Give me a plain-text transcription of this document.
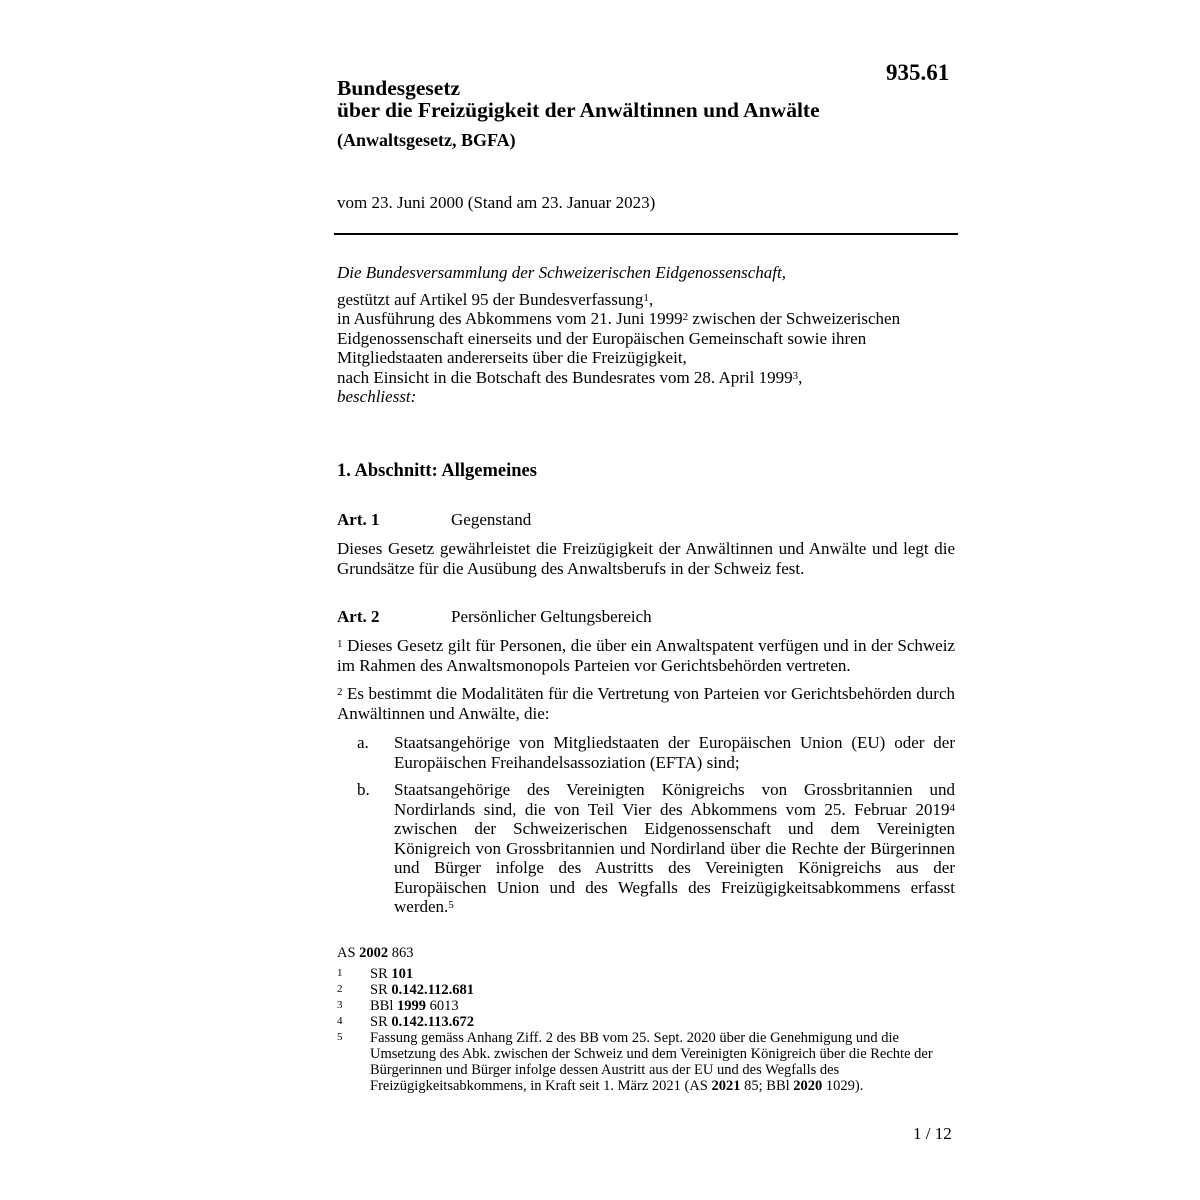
935.61
Bundesgesetz
über die Freizügigkeit der Anwältinnen und Anwälte
(Anwaltsgesetz, BGFA)
vom 23. Juni 2000 (Stand am 23. Januar 2023)
Die Bundesversammlung der Schweizerischen Eidgenossenschaft,
gestützt auf Artikel 95 der Bundesverfassung$^1$,
in Ausführung des Abkommens vom 21. Juni 1999$^2$ zwischen der Schweizerischen Eidgenossenschaft einerseits und der Europäischen Gemeinschaft sowie ihren Mitgliedstaaten andererseits über die Freizügigkeit,
nach Einsicht in die Botschaft des Bundesrates vom 28. April 1999$^3$,
beschliesst:
1. Abschnitt: Allgemeines
Art. 1	Gegenstand
Dieses Gesetz gewährleistet die Freizügigkeit der Anwältinnen und Anwälte und legt die Grundsätze für die Ausübung des Anwaltsberufs in der Schweiz fest.
Art. 2	Persönlicher Geltungsbereich
$^1$ Dieses Gesetz gilt für Personen, die über ein Anwaltspatent verfügen und in der Schweiz im Rahmen des Anwaltsmonopols Parteien vor Gerichtsbehörden vertreten.
$^2$ Es bestimmt die Modalitäten für die Vertretung von Parteien vor Gerichtsbehörden durch Anwältinnen und Anwälte, die:
a.	Staatsangehörige von Mitgliedstaaten der Europäischen Union (EU) oder der Europäischen Freihandelsassoziation (EFTA) sind;
b.	Staatsangehörige des Vereinigten Königreichs von Grossbritannien und Nordirlands sind, die von Teil Vier des Abkommens vom 25. Februar 2019$^4$ zwischen der Schweizerischen Eidgenossenschaft und dem Vereinigten Königreich von Grossbritannien und Nordirland über die Rechte der Bürgerinnen und Bürger infolge des Austritts des Vereinigten Königreichs aus der Europäischen Union und des Wegfalls des Freizügigkeitsabkommens erfasst werden.$^5$
AS 2002 863
1	SR 101
2	SR 0.142.112.681
3	BBl 1999 6013
4	SR 0.142.113.672
5	Fassung gemäss Anhang Ziff. 2 des BB vom 25. Sept. 2020 über die Genehmigung und die Umsetzung des Abk. zwischen der Schweiz und dem Vereinigten Königreich über die Rechte der Bürgerinnen und Bürger infolge dessen Austritt aus der EU und des Wegfalls des Freizügigkeitsabkommens, in Kraft seit 1. März 2021 (AS 2021 85; BBl 2020 1029).
1 / 12
